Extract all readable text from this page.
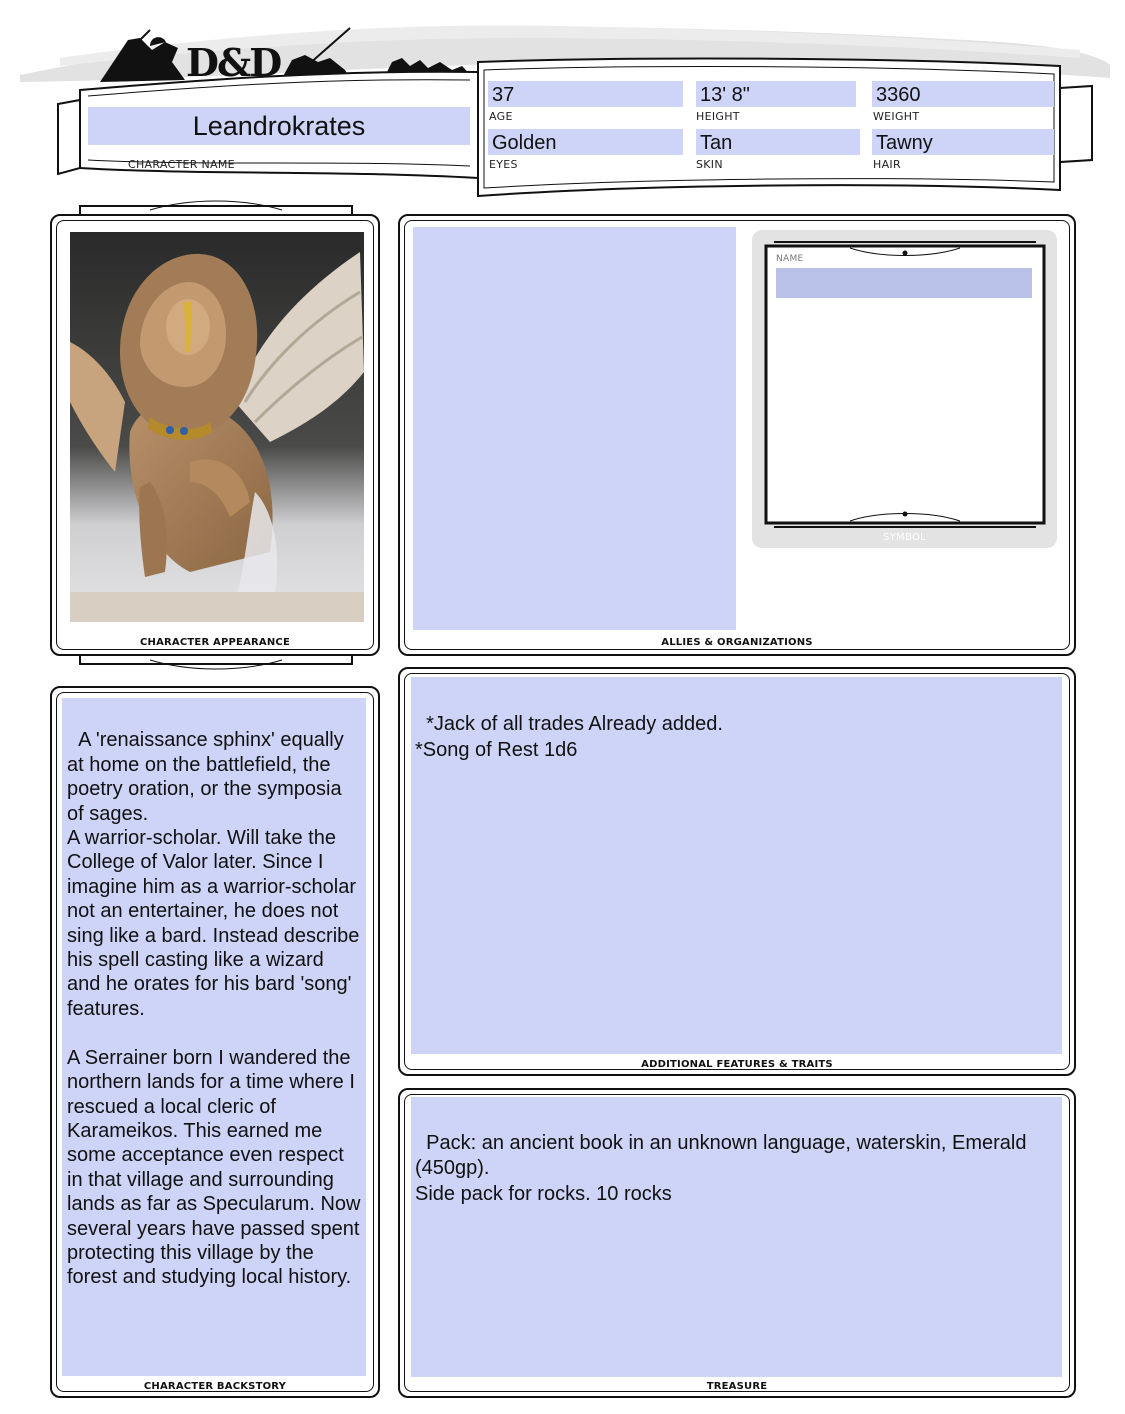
D&D
Leandrokrates
CHARACTER NAME
37
AGE
13' 8"
HEIGHT
3360
WEIGHT
Golden
EYES
Tan
SKIN
Tawny
HAIR
CHARACTER APPEARANCE

NAME
SYMBOL
ALLIES & ORGANIZATIONS

A 'renaissance sphinx' equally at home on the battlefield, the poetry oration, or the symposia of sages.
A warrior-scholar. Will take the College of Valor later. Since I imagine him as a warrior-scholar not an entertainer, he does not sing like a bard. Instead describe his spell casting like a wizard and he orates for his bard 'song' features.

A Serrainer born I wandered the northern lands for a time where I rescued a local cleric of Karameikos. This earned me some acceptance even respect in that village and surrounding lands as far as Specularum. Now several years have passed spent protecting this village by the forest and studying local history.

CHARACTER BACKSTORY

*Jack of all trades Already added.
*Song of Rest 1d6

ADDITIONAL FEATURES & TRAITS

Pack: an ancient book in an unknown language, waterskin, Emerald (450gp).
Side pack for rocks. 10 rocks

TREASURE
